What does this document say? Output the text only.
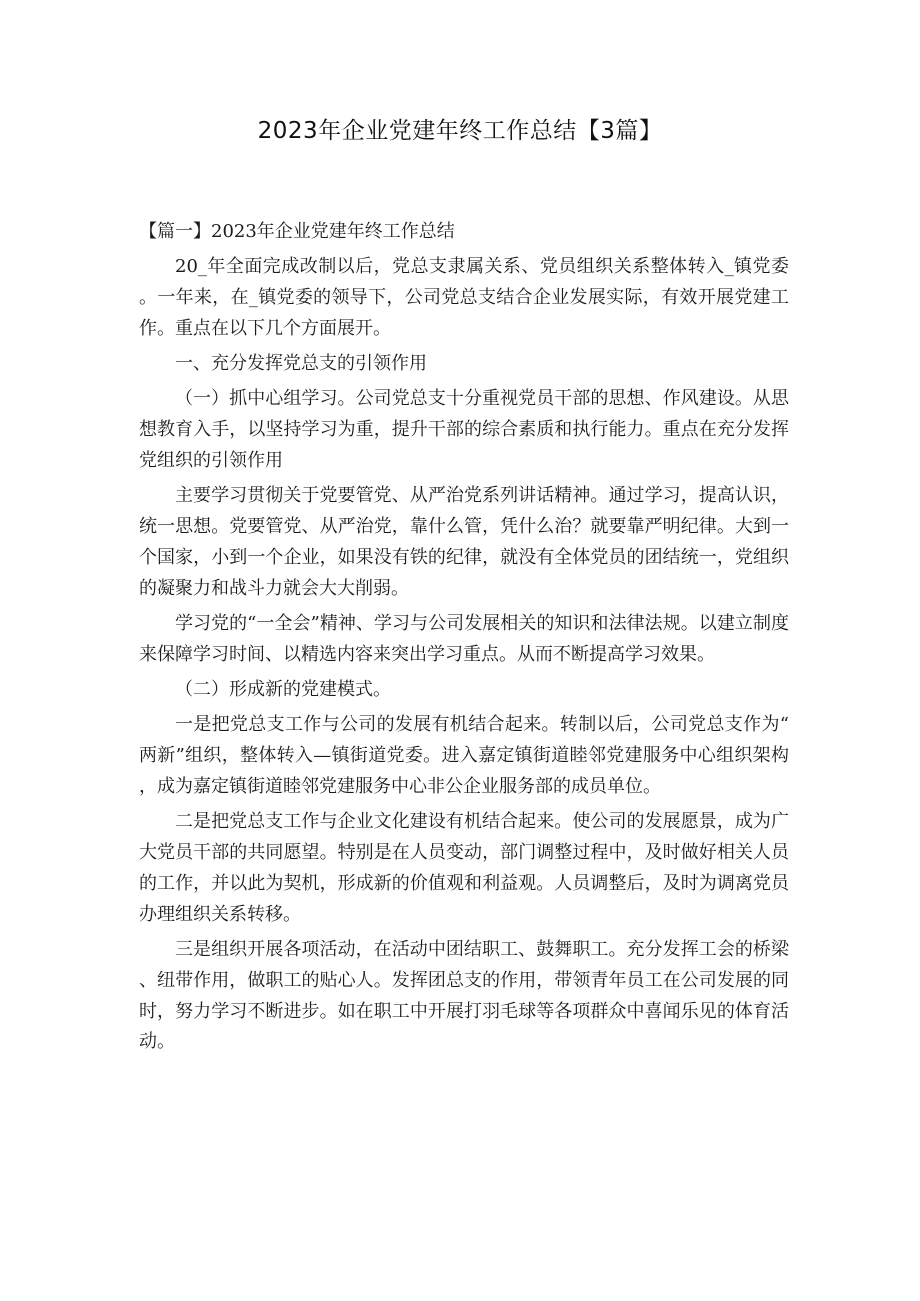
2023年企业党建年终工作总结【3篇】

【篇一】2023年企业党建年终工作总结

20_年全面完成改制以后，党总支隶属关系、党员组织关系整体转入_镇党委。一年来，在_镇党委的领导下，公司党总支结合企业发展实际，有效开展党建工作。重点在以下几个方面展开。

一、充分发挥党总支的引领作用

（一）抓中心组学习。公司党总支十分重视党员干部的思想、作风建设。从思想教育入手，以坚持学习为重，提升干部的综合素质和执行能力。重点在充分发挥党组织的引领作用

主要学习贯彻关于党要管党、从严治党系列讲话精神。通过学习，提高认识，统一思想。党要管党、从严治党，靠什么管，凭什么治？就要靠严明纪律。大到一个国家，小到一个企业，如果没有铁的纪律，就没有全体党员的团结统一，党组织的凝聚力和战斗力就会大大削弱。

学习党的“一全会”精神、学习与公司发展相关的知识和法律法规。以建立制度来保障学习时间、以精选内容来突出学习重点。从而不断提高学习效果。

（二）形成新的党建模式。

一是把党总支工作与公司的发展有机结合起来。转制以后，公司党总支作为“两新”组织，整体转入—镇街道党委。进入嘉定镇街道睦邻党建服务中心组织架构，成为嘉定镇街道睦邻党建服务中心非公企业服务部的成员单位。

二是把党总支工作与企业文化建设有机结合起来。使公司的发展愿景，成为广大党员干部的共同愿望。特别是在人员变动，部门调整过程中，及时做好相关人员的工作，并以此为契机，形成新的价值观和利益观。人员调整后，及时为调离党员办理组织关系转移。

三是组织开展各项活动，在活动中团结职工、鼓舞职工。充分发挥工会的桥梁、纽带作用，做职工的贴心人。发挥团总支的作用，带领青年员工在公司发展的同时，努力学习不断进步。如在职工中开展打羽毛球等各项群众中喜闻乐见的体育活动。
